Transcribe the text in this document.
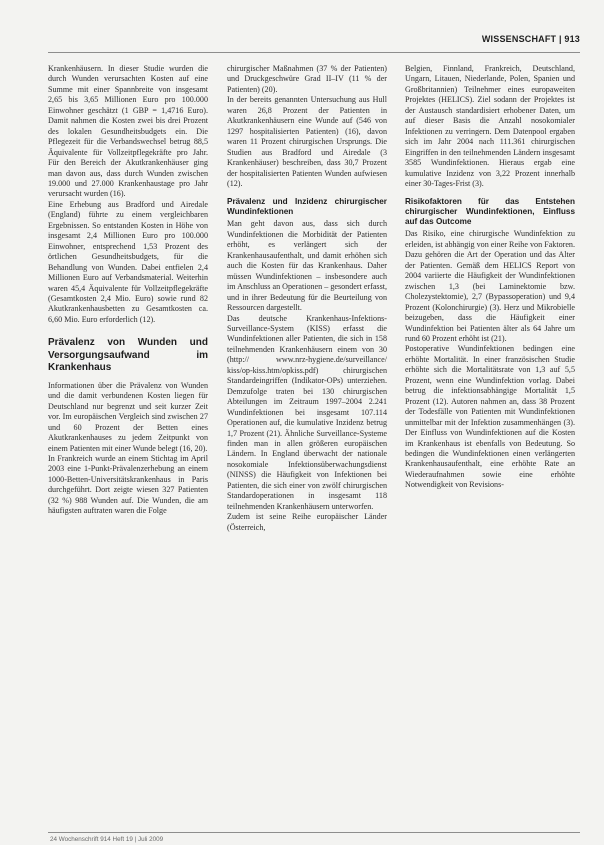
WISSENSCHAFT | 913

Krankenhäusern. In dieser Studie wurden die durch Wunden verursachten Kosten auf eine Summe mit einer Spannbreite von insgesamt 2,65 bis 3,65 Millionen Euro pro 100.000 Einwohner geschätzt (1 GBP = 1,4716 Euro). Damit nahmen die Kosten zwei bis drei Prozent des lokalen Gesundheitsbudgets ein. Die Pflegezeit für die Verbandswechsel betrug 88,5 Äquivalente für Vollzeitpflegekräfte pro Jahr. Für den Bereich der Akutkrankenhäuser ging man davon aus, dass durch Wunden zwischen 19.000 und 27.000 Krankenhaustage pro Jahr verursacht wurden (16).

Eine Erhebung aus Bradford und Airedale (England) führte zu einem vergleichbaren Ergebnissen. So entstanden Kosten in Höhe von insgesamt 2,4 Millionen Euro pro 100.000 Einwohner, entsprechend 1,53 Prozent des örtlichen Gesundheitsbudgets, für die Behandlung von Wunden. Dabei entfielen 2,4 Millionen Euro auf Verbandsmaterial. Weiterhin waren 45,4 Äquivalente für Vollzeitpflegekräfte (Gesamtkosten 2,4 Mio. Euro) sowie rund 82 Akutkrankenhausbetten zu Gesamtkosten ca. 6,60 Mio. Euro erforderlich (12).

Prävalenz von Wunden und Versorgungsaufwand im Krankenhaus

Informationen über die Prävalenz von Wunden und die damit verbundenen Kosten liegen für Deutschland nur begrenzt und seit kurzer Zeit vor. Im europäischen Vergleich sind zwischen 27 und 60 Prozent der Betten eines Akutkrankenhauses zu jedem Zeitpunkt von einem Patienten mit einer Wunde belegt (16, 20).

In Frankreich wurde an einem Stichtag im April 2003 eine 1-Punkt-Prävalenzerhebung an einem 1000-Betten-Universitätskrankenhaus in Paris durchgeführt. Dort zeigte wiesen 327 Patienten (32 %) 988 Wunden auf. Die Wunden, die am häufigsten auftraten waren die Folge

chirurgischer Maßnahmen (37 % der Patienten) und Druckgeschwüre Grad II–IV (11 % der Patienten) (20).

In der bereits genannten Untersuchung aus Hull waren 26,8 Prozent der Patienten in Akutkrankenhäusern eine Wunde auf (546 von 1297 hospitalisierten Patienten) (16), davon waren 11 Prozent chirurgischen Ursprungs. Die Studien aus Bradford und Airedale (3 Krankenhäuser) beschreiben, dass 30,7 Prozent der hospitalisierten Patienten Wunden aufwiesen (12).

Prävalenz und Inzidenz chirurgischer Wundinfektionen

Man geht davon aus, dass sich durch Wundinfektionen die Morbidität der Patienten erhöht, es verlängert sich der Krankenhausaufenthalt, und damit erhöhen sich auch die Kosten für das Krankenhaus. Daher müssen Wundinfektionen – insbesondere auch im Anschluss an Operationen – gesondert erfasst, und in ihrer Bedeutung für die Beurteilung von Ressourcen dargestellt.

Das deutsche Krankenhaus-Infektions-Surveillance-System (KISS) erfasst die Wundinfektionen aller Patienten, die sich in 158 teilnehmenden Krankenhäusern einem von 30 (http:// www.nrz-hygiene.de/surveillance/ kiss/op-kiss.htm/opkiss.pdf) chirurgischen Standardeingriffen (Indikator-OPs) unterziehen. Demzufolge traten bei 130 chirurgischen Abteilungen im Zeitraum 1997–2004 2.241 Wundinfektionen bei insgesamt 107.114 Operationen auf, die kumulative Inzidenz betrug 1,7 Prozent (21). Ähnliche Surveillance-Systeme finden man in allen größeren europäischen Ländern. In England überwacht der nationale nosokomiale Infektionsüberwachungsdienst (NINSS) die Häufigkeit von Infektionen bei Patienten, die sich einer von zwölf chirurgischen Standardoperationen in insgesamt 118 teilnehmenden Krankenhäusern unterworfen.

Zudem ist seine Reihe europäischer Länder (Österreich,

Belgien, Finnland, Frankreich, Deutschland, Ungarn, Litauen, Niederlande, Polen, Spanien und Großbritannien) Teilnehmer eines europaweiten Projektes (HELICS). Ziel sodann der Projektes ist der Austausch standardisiert erhobener Daten, um auf dieser Basis die Anzahl nosokomialer Infektionen zu verringern. Dem Datenpool ergaben sich im Jahr 2004 nach 111.361 chirurgischen Eingriffen in den teilnehmenden Ländern insgesamt 3585 Wundinfektionen. Hieraus ergab eine kumulative Inzidenz von 3,22 Prozent innerhalb einer 30-Tages-Frist (3).

Risikofaktoren für das Entstehen chirurgischer Wundinfektionen, Einfluss auf das Outcome

Das Risiko, eine chirurgische Wundinfektion zu erleiden, ist abhängig von einer Reihe von Faktoren. Dazu gehören die Art der Operation und das Alter der Patienten. Gemäß dem HELICS Report von 2004 variierte die Häufigkeit der Wundinfektionen zwischen 1,3 (bei Laminektomie bzw. Cholezystektomie), 2,7 (Bypassoperation) und 9,4 Prozent (Kolonchirurgie) (3). Herz und Mikrobielle beizugeben, dass die Häufigkeit einer Wundinfektion bei Patienten älter als 64 Jahre um rund 60 Prozent erhöht ist (21).

Postoperative Wundinfektionen bedingen eine erhöhte Mortalität. In einer französischen Studie erhöhte sich die Mortalitätsrate von 1,3 auf 5,5 Prozent, wenn eine Wundinfektion vorlag. Dabei betrug die infektionsabhängige Mortalität 1,5 Prozent (12). Autoren nahmen an, dass 38 Prozent der Todesfälle von Patienten mit Wundinfektionen unmittelbar mit der Infektion zusammenhängen (3). Der Einfluss von Wundinfektionen auf die Kosten im Krankenhaus ist ebenfalls von Bedeutung. So bedingen die Wundinfektionen einen verlängerten Krankenhausaufenthalt, eine erhöhte Rate an Wiederaufnahmen sowie eine erhöhte Notwendigkeit von Revisions-

24 Wochenschrift 914 Heft 19 | Juli 2009
